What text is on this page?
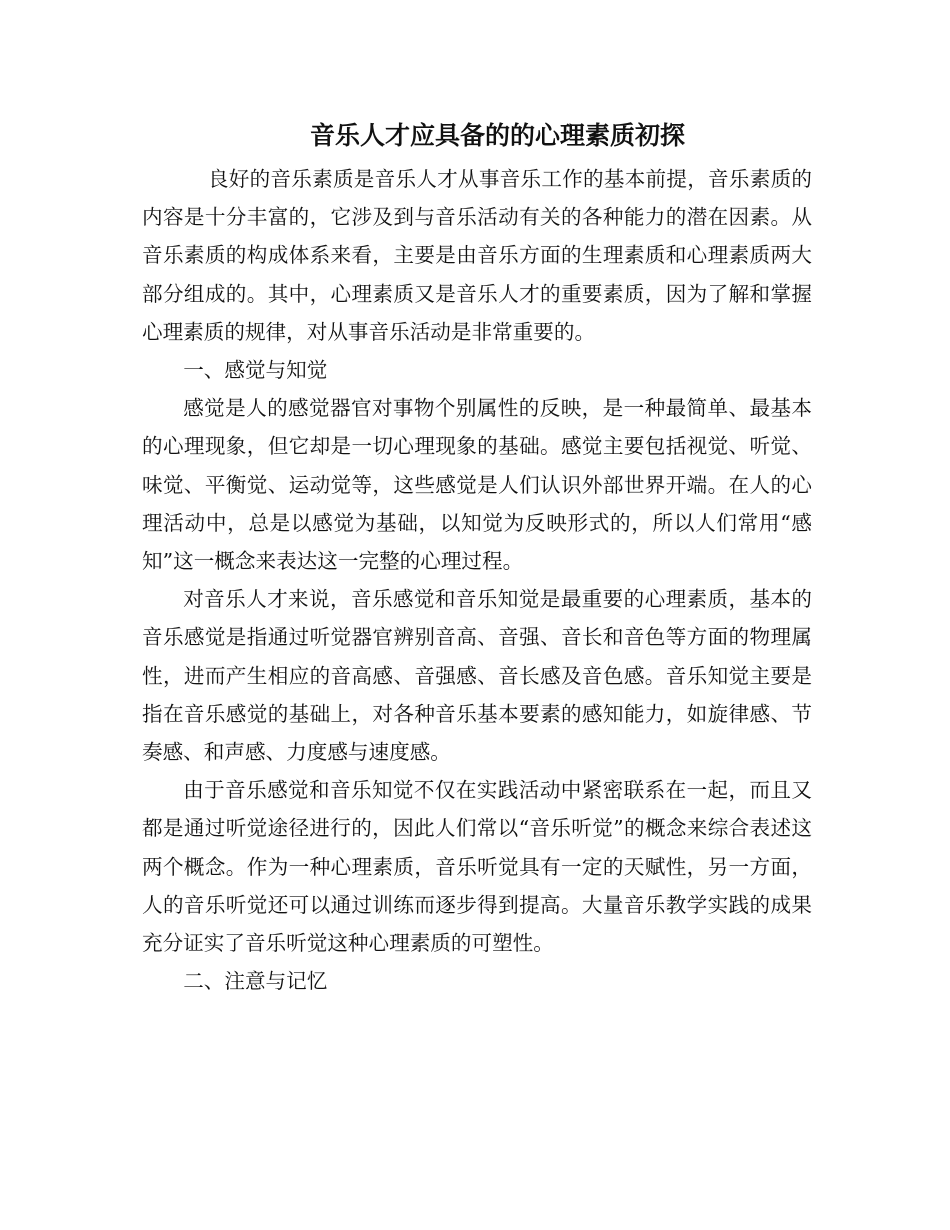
音乐人才应具备的的心理素质初探

良好的音乐素质是音乐人才从事音乐工作的基本前提，音乐素质的内容是十分丰富的，它涉及到与音乐活动有关的各种能力的潜在因素。从音乐素质的构成体系来看，主要是由音乐方面的生理素质和心理素质两大部分组成的。其中，心理素质又是音乐人才的重要素质，因为了解和掌握心理素质的规律，对从事音乐活动是非常重要的。

一、感觉与知觉

感觉是人的感觉器官对事物个别属性的反映，是一种最简单、最基本的心理现象，但它却是一切心理现象的基础。感觉主要包括视觉、听觉、味觉、平衡觉、运动觉等，这些感觉是人们认识外部世界开端。在人的心理活动中，总是以感觉为基础，以知觉为反映形式的，所以人们常用“感知”这一概念来表达这一完整的心理过程。

对音乐人才来说，音乐感觉和音乐知觉是最重要的心理素质，基本的音乐感觉是指通过听觉器官辨别音高、音强、音长和音色等方面的物理属性，进而产生相应的音高感、音强感、音长感及音色感。音乐知觉主要是指在音乐感觉的基础上，对各种音乐基本要素的感知能力，如旋律感、节奏感、和声感、力度感与速度感。

由于音乐感觉和音乐知觉不仅在实践活动中紧密联系在一起，而且又都是通过听觉途径进行的，因此人们常以“音乐听觉”的概念来综合表述这两个概念。作为一种心理素质，音乐听觉具有一定的天赋性，另一方面，人的音乐听觉还可以通过训练而逐步得到提高。大量音乐教学实践的成果充分证实了音乐听觉这种心理素质的可塑性。

二、注意与记忆
